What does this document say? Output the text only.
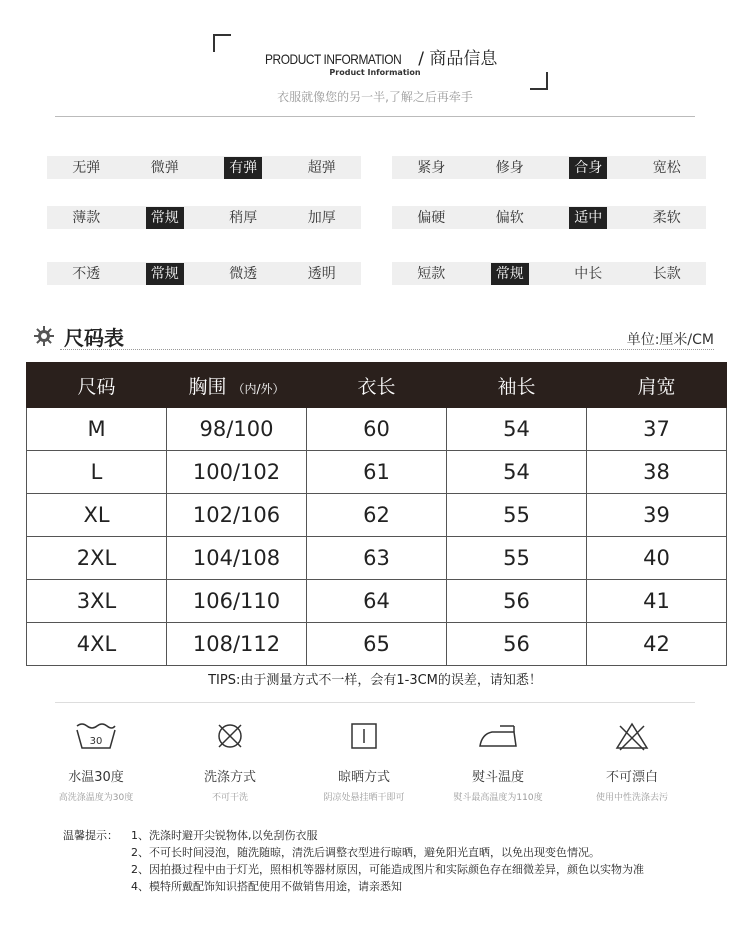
PRODUCT INFORMATION / 商品信息
Product Information
衣服就像您的另一半,了解之后再牵手
无弹	微弹	有弹	超弹	紧身	修身	合身	宽松
薄款	常规	稍厚	加厚	偏硬	偏软	适中	柔软
不透	常规	微透	透明	短款	常规	中长	长款
尺码表	单位:厘米/CM
尺码	胸围 （内/外）	衣长	袖长	肩宽
M	98/100	60	54	37
L	100/102	61	54	38
XL	102/106	62	55	39
2XL	104/108	63	55	40
3XL	106/110	64	56	41
4XL	108/112	65	56	42
TIPS:由于测量方式不一样，会有1-3CM的误差，请知悉！
30
水温30度
高洗涤温度为30度
洗涤方式
不可干洗
晾晒方式
阴凉处悬挂晒干即可
熨斗温度
熨斗最高温度为110度
不可漂白
使用中性洗涤去污
温馨提示： 1、洗涤时避开尖锐物体,以免刮伤衣服
2、不可长时间浸泡，随洗随晾，清洗后调整衣型进行晾晒，避免阳光直晒，以免出现变色情况。
2、因拍摄过程中由于灯光，照相机等器材原因，可能造成图片和实际颜色存在细微差异，颜色以实物为准
4、模特所戴配饰知识搭配使用不做销售用途，请亲悉知
